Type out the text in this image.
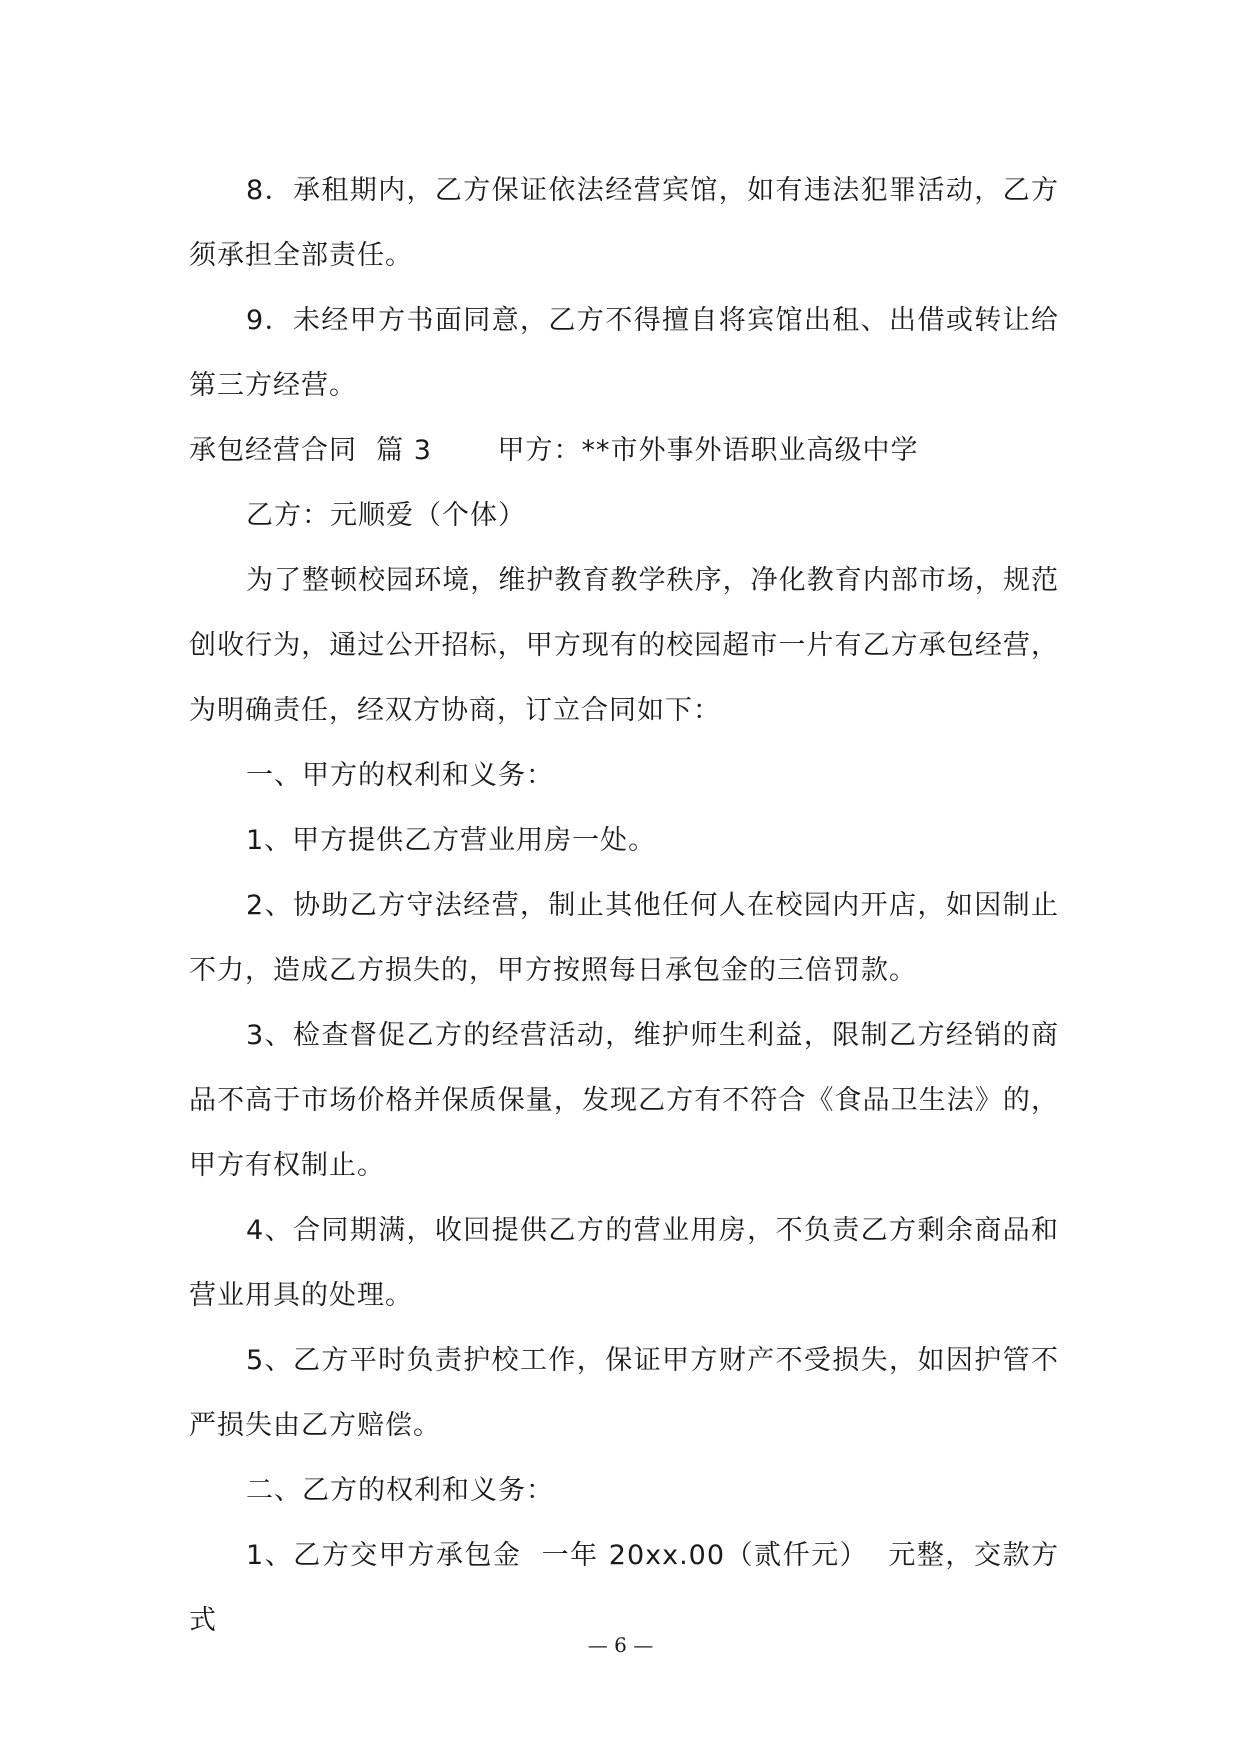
8．承租期内，乙方保证依法经营宾馆，如有违法犯罪活动，乙方须承担全部责任。

9．未经甲方书面同意，乙方不得擅自将宾馆出租、出借或转让给第三方经营。

承包经营合同  篇 3 甲方：**市外事外语职业高级中学

乙方：元顺爱（个体）

为了整顿校园环境，维护教育教学秩序，净化教育内部市场，规范创收行为，通过公开招标，甲方现有的校园超市一片有乙方承包经营，为明确责任，经双方协商，订立合同如下：

一、甲方的权利和义务：

1、甲方提供乙方营业用房一处。

2、协助乙方守法经营，制止其他任何人在校园内开店，如因制止不力，造成乙方损失的，甲方按照每日承包金的三倍罚款。

3、检查督促乙方的经营活动，维护师生利益，限制乙方经销的商品不高于市场价格并保质保量，发现乙方有不符合《食品卫生法》的，甲方有权制止。

4、合同期满，收回提供乙方的营业用房，不负责乙方剩余商品和营业用具的处理。

5、乙方平时负责护校工作，保证甲方财产不受损失，如因护管不严损失由乙方赔偿。

二、乙方的权利和义务：

1、乙方交甲方承包金  一年 20xx.00（贰仟元）  元整，交款方式

— 6 —
